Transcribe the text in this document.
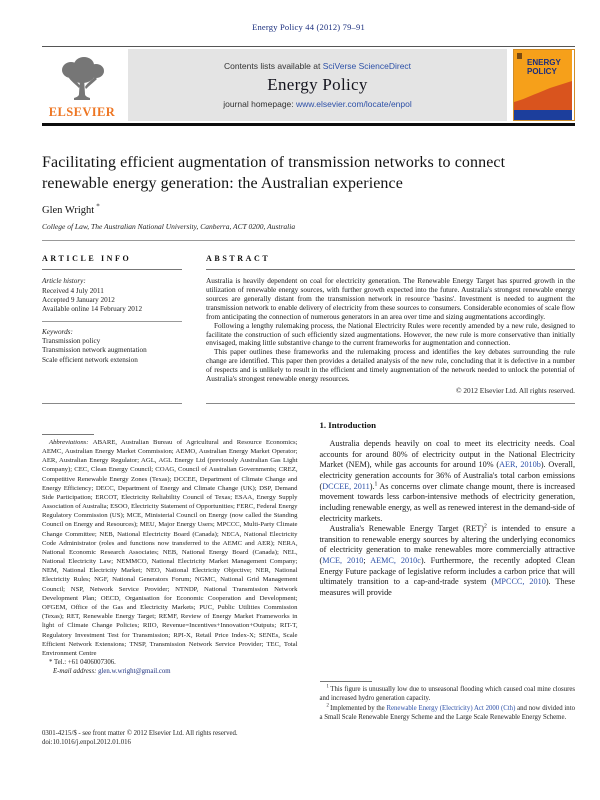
Energy Policy 44 (2012) 79–91
ELSEVIER
Contents lists available at SciVerse ScienceDirect
Energy Policy
journal homepage: www.elsevier.com/locate/enpol
ENERGY
POLICY
Facilitating efficient augmentation of transmission networks to connect renewable energy generation: the Australian experience
Glen Wright  *
College of Law, The Australian National University, Canberra, ACT 0200, Australia
ARTICLE INFO
Article history:
Received 4 July 2011
Accepted 9 January 2012
Available online 14 February 2012
Keywords:
Transmission policy
Transmission network augmentation
Scale efficient network extension
ABSTRACT

Australia is heavily dependent on coal for electricity generation. The Renewable Energy Target has spurred growth in the utilization of renewable energy sources, with further growth expected into the future. Australia's strongest renewable energy sources are generally distant from the transmission network in resource 'basins'. Investment is needed to augment the transmission network to enable delivery of electricity from these sources to consumers. Considerable economies of scale flow from anticipating the connection of numerous generators in an area over time and sizing augmentations accordingly.

Following a lengthy rulemaking process, the National Electricity Rules were recently amended by a new rule, designed to facilitate the construction of such efficiently sized augmentations. However, the new rule is more conservative than initially envisaged, making little substantive change to the current frameworks for augmentation and connection.

This paper outlines these frameworks and the rulemaking process and identifies the key debates surrounding the rule change are identified. This paper then provides a detailed analysis of the new rule, concluding that it is defective in a number of respects and is unlikely to result in the efficient and timely augmentation of the network needed to unlock the potential of Australia's strongest renewable energy resources.

© 2012 Elsevier Ltd. All rights reserved.

Abbreviations: ABARE, Australian Bureau of Agricultural and Resource Economics; AEMC, Australian Energy Market Commission; AEMO, Australian Energy Market Operator; AER, Australian Energy Regulator; AGL, AGL Energy Ltd (previously Australian Gas Light Company); CEC, Clean Energy Council; COAG, Council of Australian Governments; CREZ, Competitive Renewable Energy Zones (Texas); DCCEE, Department of Climate Change and Energy Efficiency; DECC, Department of Energy and Climate Change (UK); DSP, Demand Side Participation; ERCOT, Electricity Reliability Council of Texas; ESAA, Energy Supply Association of Australia; ESOO, Electricity Statement of Opportunities; FERC, Federal Energy Regulatory Commission (US); MCE, Ministerial Council on Energy (now called the Standing Council on Energy and Resources); MEU, Major Energy Users; MPCCC, Multi-Party Climate Change Committee; NEB, National Electricity Board (Canada); NECA, National Electricity Code Administrator (roles and functions now transferred to the AEMC and AER); NERA, National Economic Research Associates; NEB, National Energy Board (Canada); NEL, National Electricity Law; NEMMCO, National Electricity Market Management Company; NEM, National Electricity Market; NEO, National Electricity Objective; NER, National Electricity Rules; NGF, National Generators Forum; NGMC, National Grid Management Council; NSP, Network Service Provider; NTNDP, National Transmission Network Development Plan; OECD, Organisation for Economic Cooperation and Development; OFGEM, Office of the Gas and Electricity Markets; PUC, Public Utilities Commission (Texas); RET, Renewable Energy Target; REMF, Review of Energy Market Frameworks in light of Climate Change Policies; RIIO, Revenue=Incentives+Innovation+Outputs; RIT-T, Regulatory Investment Test for Transmission; RPI-X, Retail Price Index-X; SENEs, Scale Efficient Network Extensions; TNSP, Transmission Network Service Provider; TEC, Total Environment Centre

* Tel.: +61 0406007306.

E-mail address: glen.w.wright@gmail.com

0301-4215/$ - see front matter © 2012 Elsevier Ltd. All rights reserved.

doi:10.1016/j.enpol.2012.01.016

1. Introduction

Australia depends heavily on coal to meet its electricity needs. Coal accounts for around 80% of electricity output in the National Electricity Market (NEM), while gas accounts for around 10% (AER, 2010b). Overall, electricity generation accounts for 36% of Australia's total carbon emissions (DCCEE, 2011).$^1$ As concerns over climate change mount, there is increased movement towards less carbon-intensive methods of electricity generation, including renewable energy, as well as renewed interest in the demand-side of electricity markets.

Australia's Renewable Energy Target (RET)$^2$ is intended to ensure a transition to renewable energy sources by altering the underlying economics of electricity generation to make renewables more commercially attractive (MCE, 2010; AEMC, 2010c). Furthermore, the recently adopted Clean Energy Future package of legislative reform includes a carbon price that will ultimately transition to a cap-and-trade system (MPCCC, 2010). These measures will provide

$^1$ This figure is unusually low due to unseasonal flooding which caused coal mine closures and increased hydro generation capacity.

$^2$ Implemented by the Renewable Energy (Electricity) Act 2000 (Cth) and now divided into a Small Scale Renewable Energy Scheme and the Large Scale Renewable Energy Scheme.
